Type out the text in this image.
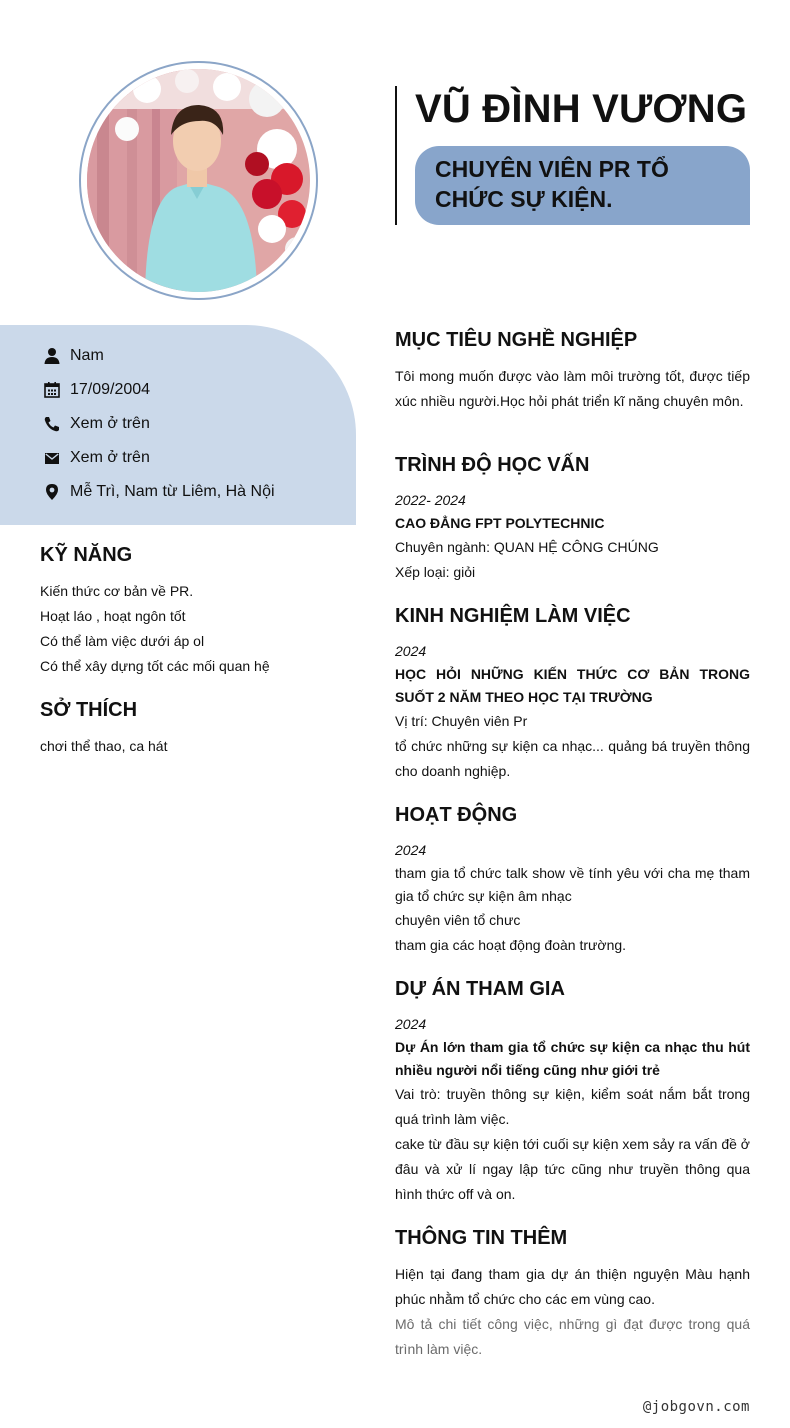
VŨ ĐÌNH VƯƠNG
CHUYÊN VIÊN PR TỔ CHỨC SỰ KIỆN.
Nam
17/09/2004
Xem ở trên
Xem ở trên
Mễ Trì, Nam từ Liêm, Hà Nội
KỸ NĂNG
Kiến thức cơ bản về PR.
Hoạt láo , hoạt ngôn tốt
Có thể làm việc dưới áp ol
Có thể xây dựng tốt các mối quan hệ
SỞ THÍCH
chơi thể thao, ca hát
MỤC TIÊU NGHỀ NGHIỆP
Tôi mong muốn được vào làm môi trường tốt, được tiếp xúc nhiều người.Học hỏi phát triển kĩ năng chuyên môn.
TRÌNH ĐỘ HỌC VẤN
2022- 2024
CAO ĐẲNG FPT POLYTECHNIC
Chuyên ngành: QUAN HỆ CÔNG CHÚNG
Xếp loại: giỏi
KINH NGHIỆM LÀM VIỆC
2024
HỌC HỎI NHỮNG KIẾN THỨC CƠ BẢN TRONG SUỐT 2 NĂM THEO HỌC TẠI TRƯỜNG
Vị trí: Chuyên viên Pr
tổ chức những sự kiện ca nhạc... quảng bá truyền thông cho doanh nghiệp.
HOẠT ĐỘNG
2024
tham gia tổ chức talk show về tính yêu với cha mẹ tham gia tổ chức sự kiện âm nhạc
chuyên viên tổ chưc
tham gia các hoạt động đoàn trường.
DỰ ÁN THAM GIA
2024
Dự Án lớn tham gia tổ chức sự kiện ca nhạc thu hút nhiều người nổi tiếng cũng như giới trẻ
Vai trò: truyền thông sự kiện, kiểm soát nắm bắt trong quá trình làm việc.
cake từ đầu sự kiện tới cuối sự kiện xem sảy ra vấn đề ở đâu và xử lí ngay lập tức cũng như truyền thông qua hình thức off và on.
THÔNG TIN THÊM
Hiện tại đang tham gia dự án thiện nguyện Màu hạnh phúc nhằm tổ chức cho các em vùng cao.
Mô tả chi tiết công việc, những gì đạt được trong quá trình làm việc.
@jobgovn.com
